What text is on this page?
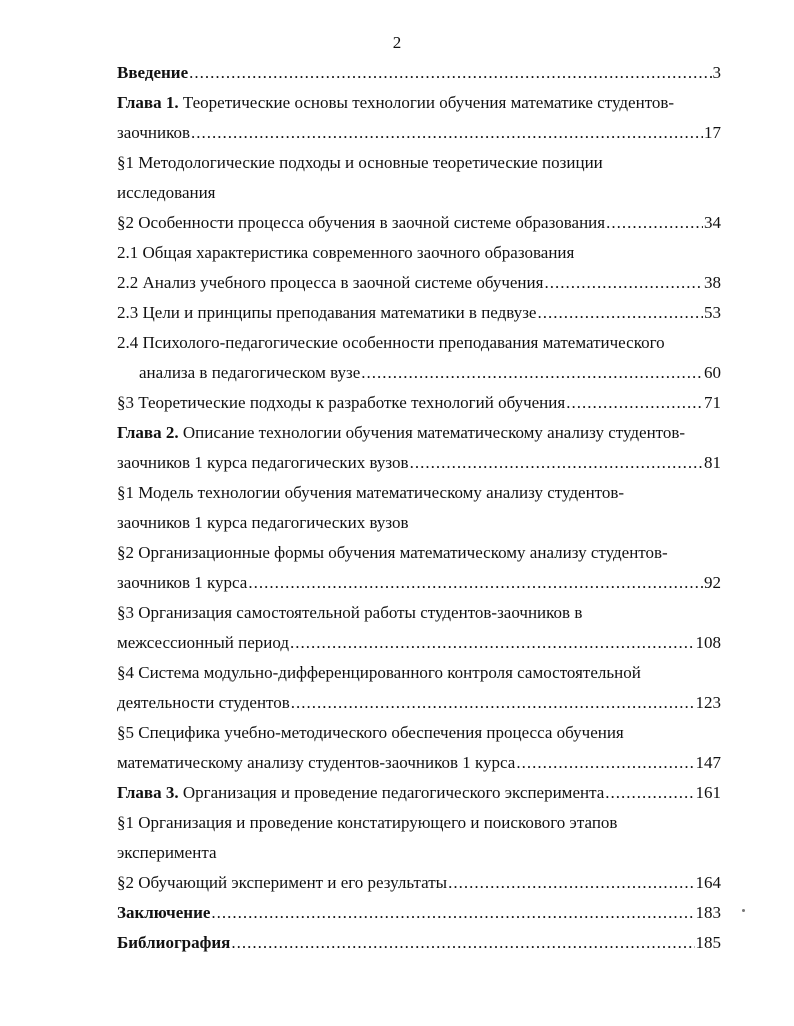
2
Введение .....	3
Глава 1. Теоретические основы технологии обучения математике студентов-
заочников .....	17
§1 Методологические подходы и основные теоретические позиции
исследования
§2 Особенности процесса обучения в заочной системе образования .....	34
2.1 Общая характеристика современного заочного образования
2.2 Анализ учебного процесса в заочной системе обучения .....	38
2.3 Цели и принципы преподавания математики в педвузе .....	53
2.4 Психолого-педагогические особенности преподавания математического
анализа в педагогическом вузе .....	60
§3 Теоретические подходы к разработке технологий обучения .....	71
Глава 2. Описание технологии обучения математическому анализу студентов-
заочников 1 курса педагогических вузов .....	81
§1 Модель технологии обучения математическому анализу студентов-
заочников 1 курса педагогических вузов
§2 Организационные формы обучения математическому анализу студентов-
заочников 1 курса .....	92
§3 Организация самостоятельной работы студентов-заочников в
межсессионный период .....	108
§4 Система модульно-дифференцированного контроля самостоятельной
деятельности студентов .....	123
§5 Специфика учебно-методического обеспечения процесса обучения
математическому анализу студентов-заочников 1 курса .....	147
Глава 3. Организация и проведение педагогического эксперимента .....	161
§1 Организация и проведение констатирующего и поискового этапов
эксперимента
§2 Обучающий эксперимент и его результаты .....	164
Заключение .....	183
Библиография .....	185
